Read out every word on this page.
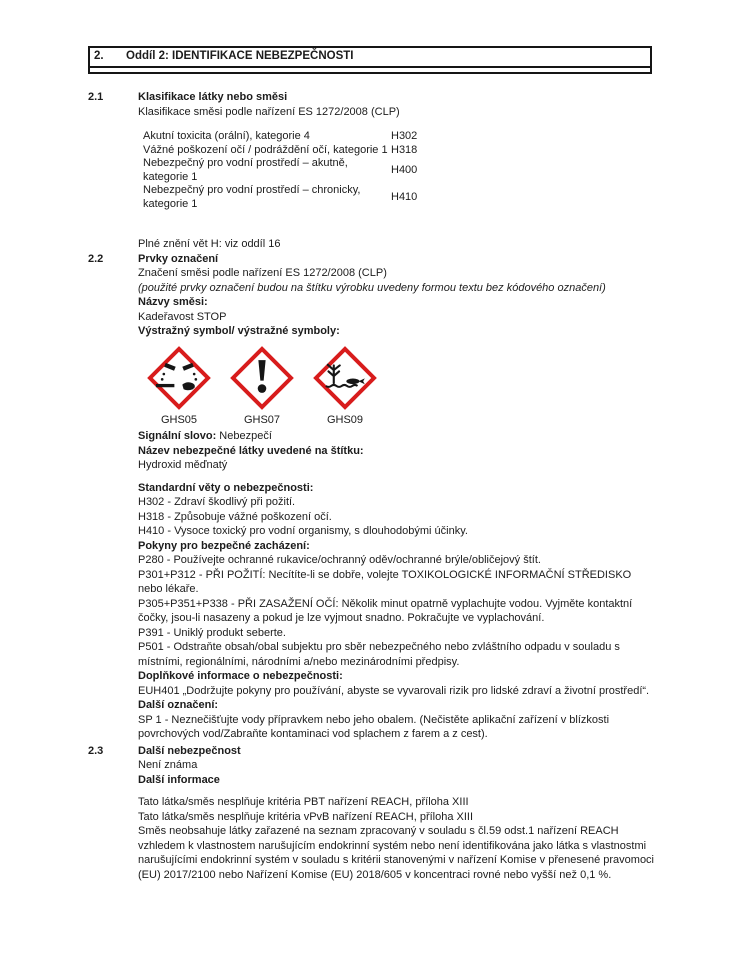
2.	Oddíl 2: IDENTIFIKACE NEBEZPEČNOSTI
2.1	Klasifikace látky nebo směsi

Klasifikace směsi podle nařízení ES 1272/2008 (CLP)

Akutní toxicita (orální), kategorie 4	H302
Vážné poškození očí / podráždění očí, kategorie 1 H318
Nebezpečný pro vodní prostředí – akutně, kategorie 1
H400
Nebezpečný pro vodní prostředí – chronicky, kategorie 1
H410

Plné znění vět H: viz oddíl 16

2.2	Prvky označení

Značení směsi podle nařízení ES 1272/2008 (CLP)

(použité prvky označení budou na štítku výrobku uvedeny formou textu bez kódového označení)

Názvy směsi:

Kadeřavost STOP

Výstražný symbol/ výstražné symboly:

GHS05	GHS07	GHS09

Signální slovo: Nebezpečí

Název nebezpečné látky uvedené na štítku:

Hydroxid měďnatý

Standardní věty o nebezpečnosti:

H302 - Zdraví škodlivý při požití.

H318 - Způsobuje vážné poškození očí.

H410 - Vysoce toxický pro vodní organismy, s dlouhodobými účinky.

Pokyny pro bezpečné zacházení:

P280 - Používejte ochranné rukavice/ochranný oděv/ochranné brýle/obličejový štít.

P301+P312 - PŘI POŽITÍ: Necítíte-li se dobře, volejte TOXIKOLOGICKÉ INFORMAČNÍ STŘEDISKO nebo lékaře.

P305+P351+P338 - PŘI ZASAŽENÍ OČÍ: Několik minut opatrně vyplachujte vodou. Vyjměte kontaktní čočky, jsou-li nasazeny a pokud je lze vyjmout snadno. Pokračujte ve vyplachování.

P391 - Uniklý produkt seberte.

P501 - Odstraňte obsah/obal subjektu pro sběr nebezpečného nebo zvláštního odpadu v souladu s místními, regionálními, národními a/nebo mezinárodními předpisy.

Doplňkové informace o nebezpečnosti:

EUH401 „Dodržujte pokyny pro používání, abyste se vyvarovali rizik pro lidské zdraví a životní prostředí“.

Další označení:

SP 1 - Neznečišťujte vody přípravkem nebo jeho obalem. (Nečistěte aplikační zařízení v blízkosti povrchových vod/Zabraňte kontaminaci vod splachem z farem a z cest).

2.3	Další nebezpečnost

Není známa

Další informace

Tato látka/směs nesplňuje kritéria PBT nařízení REACH, příloha XIII

Tato látka/směs nesplňuje kritéria vPvB nařízení REACH, příloha XIII

Směs neobsahuje látky zařazené na seznam zpracovaný v souladu s čl.59 odst.1 nařízení REACH vzhledem k vlastnostem narušujícím endokrinní systém nebo není identifikována jako látka s vlastnostmi narušujícími endokrinní systém v souladu s kritérii stanovenými v nařízení Komise v přenesené pravomoci (EU) 2017/2100 nebo Nařízení Komise (EU) 2018/605 v koncentraci rovné nebo vyšší než 0,1 %.
